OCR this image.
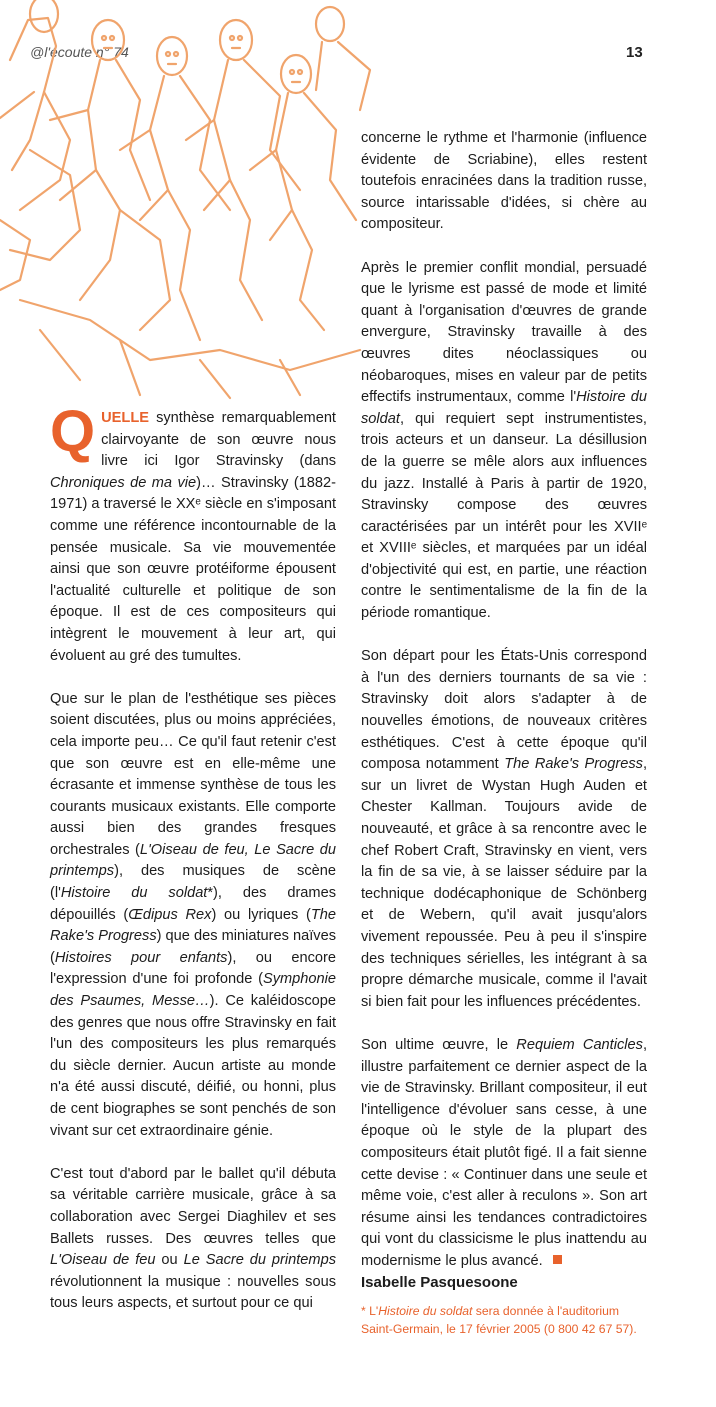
@l'écoute n° 74	13

QUELLE synthèse remarquablement clairvoyante de son œuvre nous livre ici Igor Stravinsky (dans Chroniques de ma vie)… Stravinsky (1882-1971) a traversé le XXᵉ siècle en s'imposant comme une référence incontournable de la pensée musicale. Sa vie mouvementée ainsi que son œuvre protéiforme épousent l'actualité culturelle et politique de son époque. Il est de ces compositeurs qui intègrent le mouvement à leur art, qui évoluent au gré des tumultes.

Que sur le plan de l'esthétique ses pièces soient discutées, plus ou moins appréciées, cela importe peu… Ce qu'il faut retenir c'est que son œuvre est en elle-même une écrasante et immense synthèse de tous les courants musicaux existants. Elle comporte aussi bien des grandes fresques orchestrales (L'Oiseau de feu, Le Sacre du printemps), des musiques de scène (l'Histoire du soldat*), des drames dépouillés (Œdipus Rex) ou lyriques (The Rake's Progress) que des miniatures naïves (Histoires pour enfants), ou encore l'expression d'une foi profonde (Symphonie des Psaumes, Messe…). Ce kaléidoscope des genres que nous offre Stravinsky en fait l'un des compositeurs les plus remarqués du siècle dernier. Aucun artiste au monde n'a été aussi discuté, déifié, ou honni, plus de cent biographes se sont penchés de son vivant sur cet extraordinaire génie.

C'est tout d'abord par le ballet qu'il débuta sa véritable carrière musicale, grâce à sa collaboration avec Sergei Diaghilev et ses Ballets russes. Des œuvres telles que L'Oiseau de feu ou Le Sacre du printemps révolutionnent la musique : nouvelles sous tous leurs aspects, et surtout pour ce qui

concerne le rythme et l'harmonie (influence évidente de Scriabine), elles restent toutefois enracinées dans la tradition russe, source intarissable d'idées, si chère au compositeur.

Après le premier conflit mondial, persuadé que le lyrisme est passé de mode et limité quant à l'organisation d'œuvres de grande envergure, Stravinsky travaille à des œuvres dites néoclassiques ou néobaroques, mises en valeur par de petits effectifs instrumentaux, comme l'Histoire du soldat, qui requiert sept instrumentistes, trois acteurs et un danseur. La désillusion de la guerre se mêle alors aux influences du jazz. Installé à Paris à partir de 1920, Stravinsky compose des œuvres caractérisées par un intérêt pour les XVIIᵉ et XVIIIᵉ siècles, et marquées par un idéal d'objectivité qui est, en partie, une réaction contre le sentimentalisme de la fin de la période romantique.

Son départ pour les États-Unis correspond à l'un des derniers tournants de sa vie : Stravinsky doit alors s'adapter à de nouvelles émotions, de nouveaux critères esthétiques. C'est à cette époque qu'il composa notamment The Rake's Progress, sur un livret de Wystan Hugh Auden et Chester Kallman. Toujours avide de nouveauté, et grâce à sa rencontre avec le chef Robert Craft, Stravinsky en vient, vers la fin de sa vie, à se laisser séduire par la technique dodécaphonique de Schönberg et de Webern, qu'il avait jusqu'alors vivement repoussée. Peu à peu il s'inspire des techniques sérielles, les intégrant à sa propre démarche musicale, comme il l'avait si bien fait pour les influences précédentes.

Son ultime œuvre, le Requiem Canticles, illustre parfaitement ce dernier aspect de la vie de Stravinsky. Brillant compositeur, il eut l'intelligence d'évoluer sans cesse, à une époque où le style de la plupart des compositeurs était plutôt figé. Il a fait sienne cette devise : « Continuer dans une seule et même voie, c'est aller à reculons ». Son art résume ainsi les tendances contradictoires qui vont du classicisme le plus inattendu au modernisme le plus avancé.

Isabelle Pasquesoone
* L'Histoire du soldat sera donnée à l'auditorium Saint-Germain, le 17 février 2005 (0 800 42 67 57).
